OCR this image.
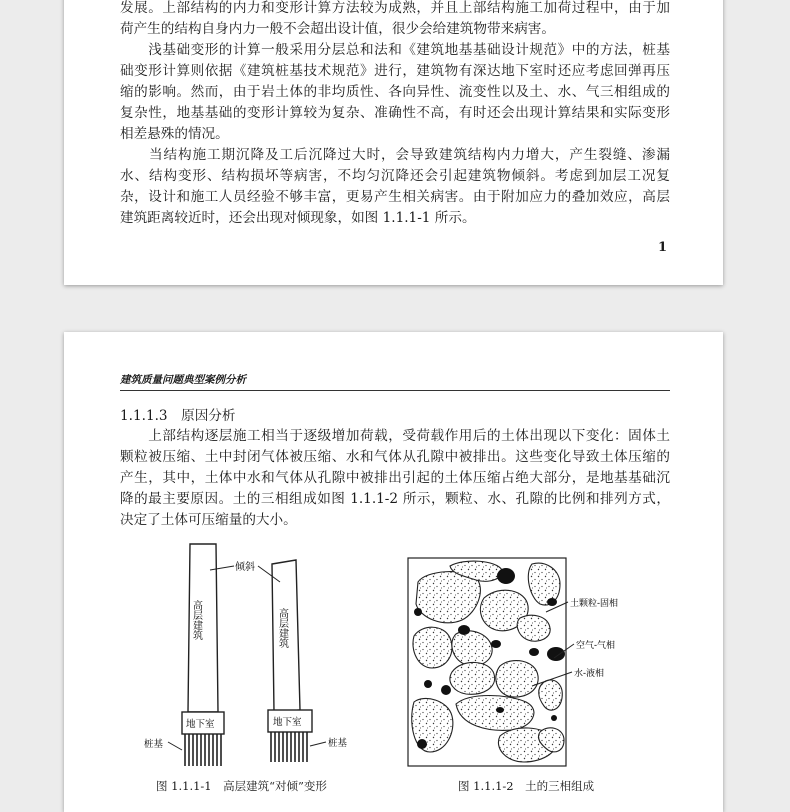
发展。上部结构的内力和变形计算方法较为成熟，并且上部结构施工加荷过程中，由于加
荷产生的结构自身内力一般不会超出设计值，很少会给建筑物带来病害。
　　浅基础变形的计算一般采用分层总和法和《建筑地基基础设计规范》中的方法，桩基
础变形计算则依据《建筑桩基技术规范》进行，建筑物有深达地下室时还应考虑回弹再压
缩的影响。然而，由于岩土体的非均质性、各向异性、流变性以及土、水、气三相组成的
复杂性，地基基础的变形计算较为复杂、准确性不高，有时还会出现计算结果和实际变形
相差悬殊的情况。
　　当结构施工期沉降及工后沉降过大时，会导致建筑结构内力增大，产生裂缝、渗漏
水、结构变形、结构损坏等病害，不均匀沉降还会引起建筑物倾斜。考虑到加层工况复
杂，设计和施工人员经验不够丰富，更易产生相关病害。由于附加应力的叠加效应，高层
建筑距离较近时，还会出现对倾现象，如图 1.1.1-1 所示。
1
建筑质量问题典型案例分析
1.1.1.3　原因分析
　　上部结构逐层施工相当于逐级增加荷载，受荷载作用后的土体出现以下变化：固体土
颗粒被压缩、土中封闭气体被压缩、水和气体从孔隙中被排出。这些变化导致土体压缩的
产生，其中，土体中水和气体从孔隙中被排出引起的土体压缩占绝大部分，是地基基础沉
降的最主要原因。土的三相组成如图 1.1.1-2 所示，颗粒、水、孔隙的比例和排列方式，
决定了土体可压缩量的大小。
倾斜
高层建筑	高层建筑
地下室	地下室
桩基	桩基
图 1.1.1-1　高层建筑“对倾”变形
土颗粒-固相
空气-气相
水-液相
图 1.1.1-2　土的三相组成
